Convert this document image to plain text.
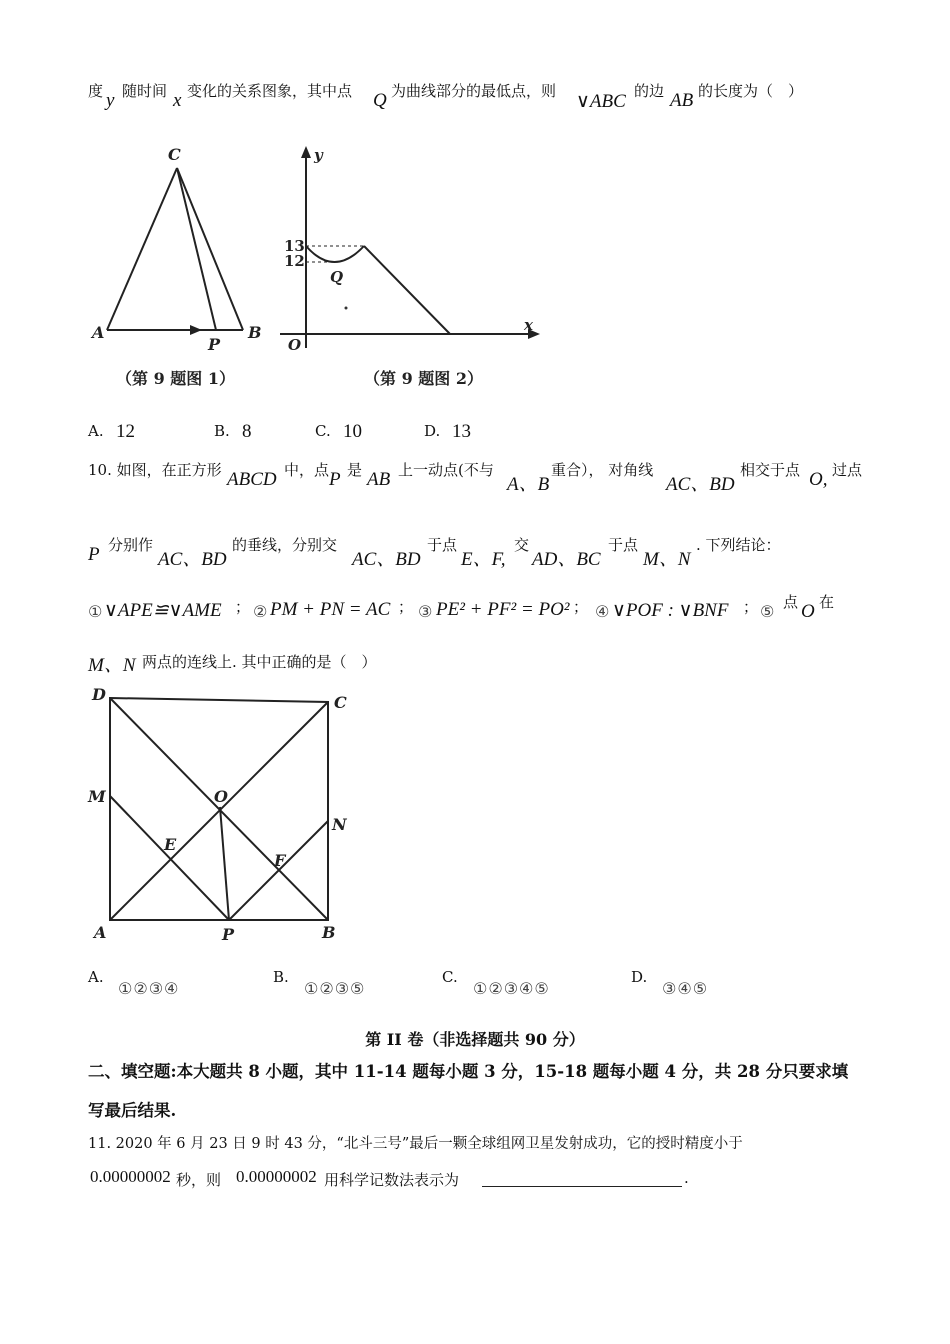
度 y 随时间 x 变化的关系图象，其中点 Q 为曲线部分的最低点，则 ∨ABC 的边 AB 的长度为（　）
C
A
P
B
（第 9 题图 1）
y
13
12
Q
O
x
（第 9 题图 2）
A. 12	B. 8	C. 10	D. 13
10. 如图，在正方形 ABCD 中，点 P 是 AB 上一动点(不与
A、B
重合）， 对角线
AC、BD
相交于点 O, 过点
P 分别作
AC、BD
的垂线，分别交
AC、BD
于点
E、F,
交
AD、BC
于点
M、N
. 下列结论：
① ∨APE≌∨AME ； ② PM + PN = AC ； ③ PE² + PF² = PO² ； ④ ∨POF : ∨BNF ； ⑤ 点 O 在
M、N 两点的连线上. 其中正确的是（　）
D	C
M	O
N
E
F
A	P	B
A.
①②③④
B.
①②③⑤
C.
①②③④⑤
D.
③④⑤
第 II 卷（非选择题共 90 分）
二、填空题:本大题共 8 小题，其中 11-14 题每小题 3 分，15-18 题每小题 4 分，共 28 分只要求填
写最后结果.
11. 2020 年 6 月 23 日 9 时 43 分，“北斗三号”最后一颗全球组网卫星发射成功，它的授时精度小于
0.00000002 秒，则 0.00000002 用科学记数法表示为	.
